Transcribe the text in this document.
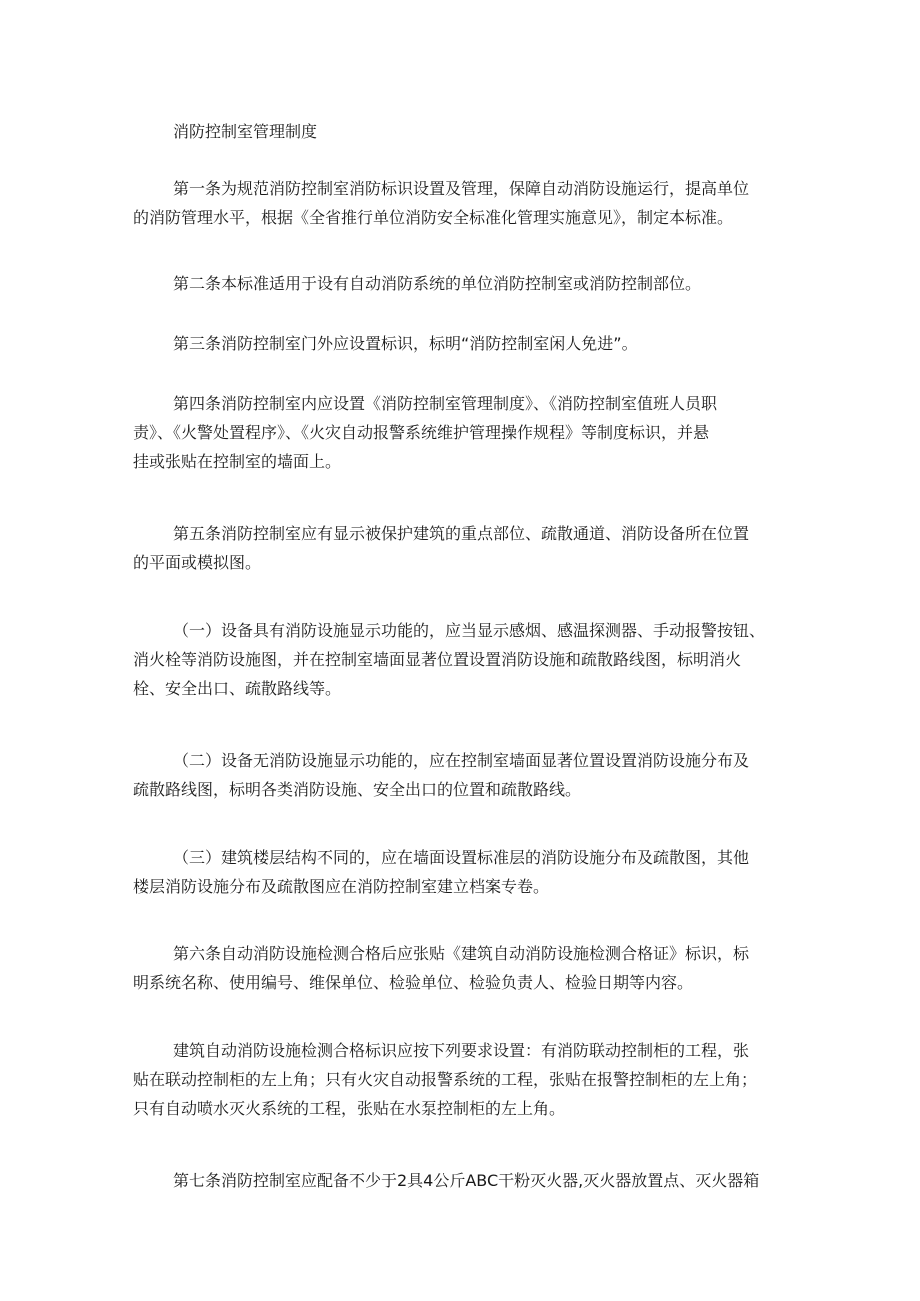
消防控制室管理制度
第一条为规范消防控制室消防标识设置及管理，保障自动消防设施运行，提高单位
的消防管理水平，根据《全省推行单位消防安全标准化管理实施意见》，制定本标准。
第二条本标准适用于设有自动消防系统的单位消防控制室或消防控制部位。
第三条消防控制室门外应设置标识，标明“消防控制室闲人免进”。
第四条消防控制室内应设置《消防控制室管理制度》、《消防控制室值班人员职
责》、《火警处置程序》、《火灾自动报警系统维护管理操作规程》等制度标识，并悬
挂或张贴在控制室的墙面上。
第五条消防控制室应有显示被保护建筑的重点部位、疏散通道、消防设备所在位置
的平面或模拟图。
（一）设备具有消防设施显示功能的，应当显示感烟、感温探测器、手动报警按钮、
消火栓等消防设施图，并在控制室墙面显著位置设置消防设施和疏散路线图，标明消火
栓、安全出口、疏散路线等。
（二）设备无消防设施显示功能的，应在控制室墙面显著位置设置消防设施分布及
疏散路线图，标明各类消防设施、安全出口的位置和疏散路线。
（三）建筑楼层结构不同的，应在墙面设置标准层的消防设施分布及疏散图，其他
楼层消防设施分布及疏散图应在消防控制室建立档案专卷。
第六条自动消防设施检测合格后应张贴《建筑自动消防设施检测合格证》标识，标
明系统名称、使用编号、维保单位、检验单位、检验负责人、检验日期等内容。
建筑自动消防设施检测合格标识应按下列要求设置：有消防联动控制柜的工程，张
贴在联动控制柜的左上角；只有火灾自动报警系统的工程，张贴在报警控制柜的左上角；
只有自动喷水灭火系统的工程，张贴在水泵控制柜的左上角。
第七条消防控制室应配备不少于2具4公斤ABC干粉灭火器,灭火器放置点、灭火器箱
